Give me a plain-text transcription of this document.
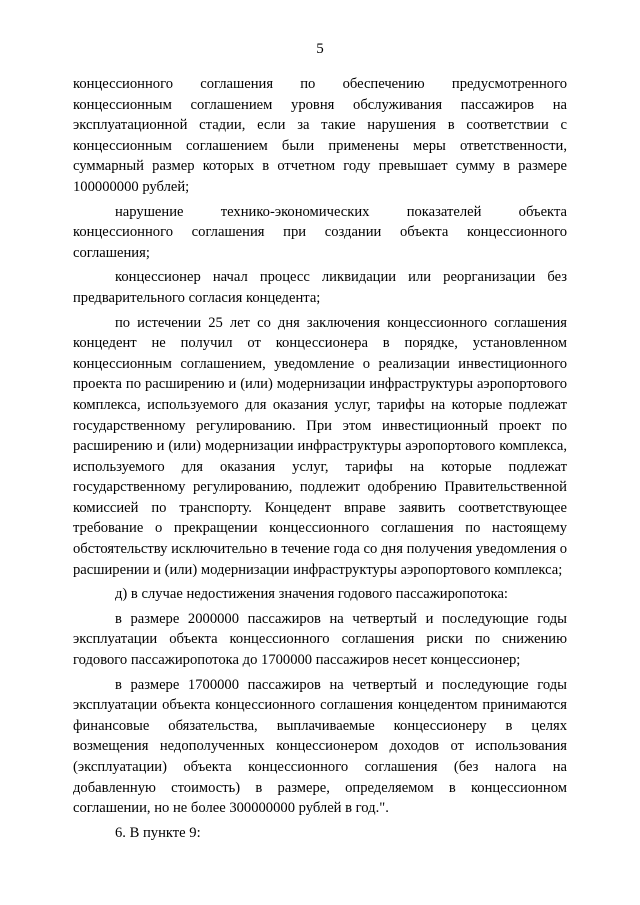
5

концессионного соглашения по обеспечению предусмотренного концессионным соглашением уровня обслуживания пассажиров на эксплуатационной стадии, если за такие нарушения в соответствии с концессионным соглашением были применены меры ответственности, суммарный размер которых в отчетном году превышает сумму в размере 100000000 рублей;

нарушение технико-экономических показателей объекта концессионного соглашения при создании объекта концессионного соглашения;

концессионер начал процесс ликвидации или реорганизации без предварительного согласия концедента;

по истечении 25 лет со дня заключения концессионного соглашения концедент не получил от концессионера в порядке, установленном концессионным соглашением, уведомление о реализации инвестиционного проекта по расширению и (или) модернизации инфраструктуры аэропортового комплекса, используемого для оказания услуг, тарифы на которые подлежат государственному регулированию. При этом инвестиционный проект по расширению и (или) модернизации инфраструктуры аэропортового комплекса, используемого для оказания услуг, тарифы на которые подлежат государственному регулированию, подлежит одобрению Правительственной комиссией по транспорту. Концедент вправе заявить соответствующее требование о прекращении концессионного соглашения по настоящему обстоятельству исключительно в течение года со дня получения уведомления о расширении и (или) модернизации инфраструктуры аэропортового комплекса;

д) в случае недостижения значения годового пассажиропотока:

в размере 2000000 пассажиров на четвертый и последующие годы эксплуатации объекта концессионного соглашения риски по снижению годового пассажиропотока до 1700000 пассажиров несет концессионер;

в размере 1700000 пассажиров на четвертый и последующие годы эксплуатации объекта концессионного соглашения концедентом принимаются финансовые обязательства, выплачиваемые концессионеру в целях возмещения недополученных концессионером доходов от использования (эксплуатации) объекта концессионного соглашения (без налога на добавленную стоимость) в размере, определяемом в концессионном соглашении, но не более 300000000 рублей в год.".

6. В пункте 9:
